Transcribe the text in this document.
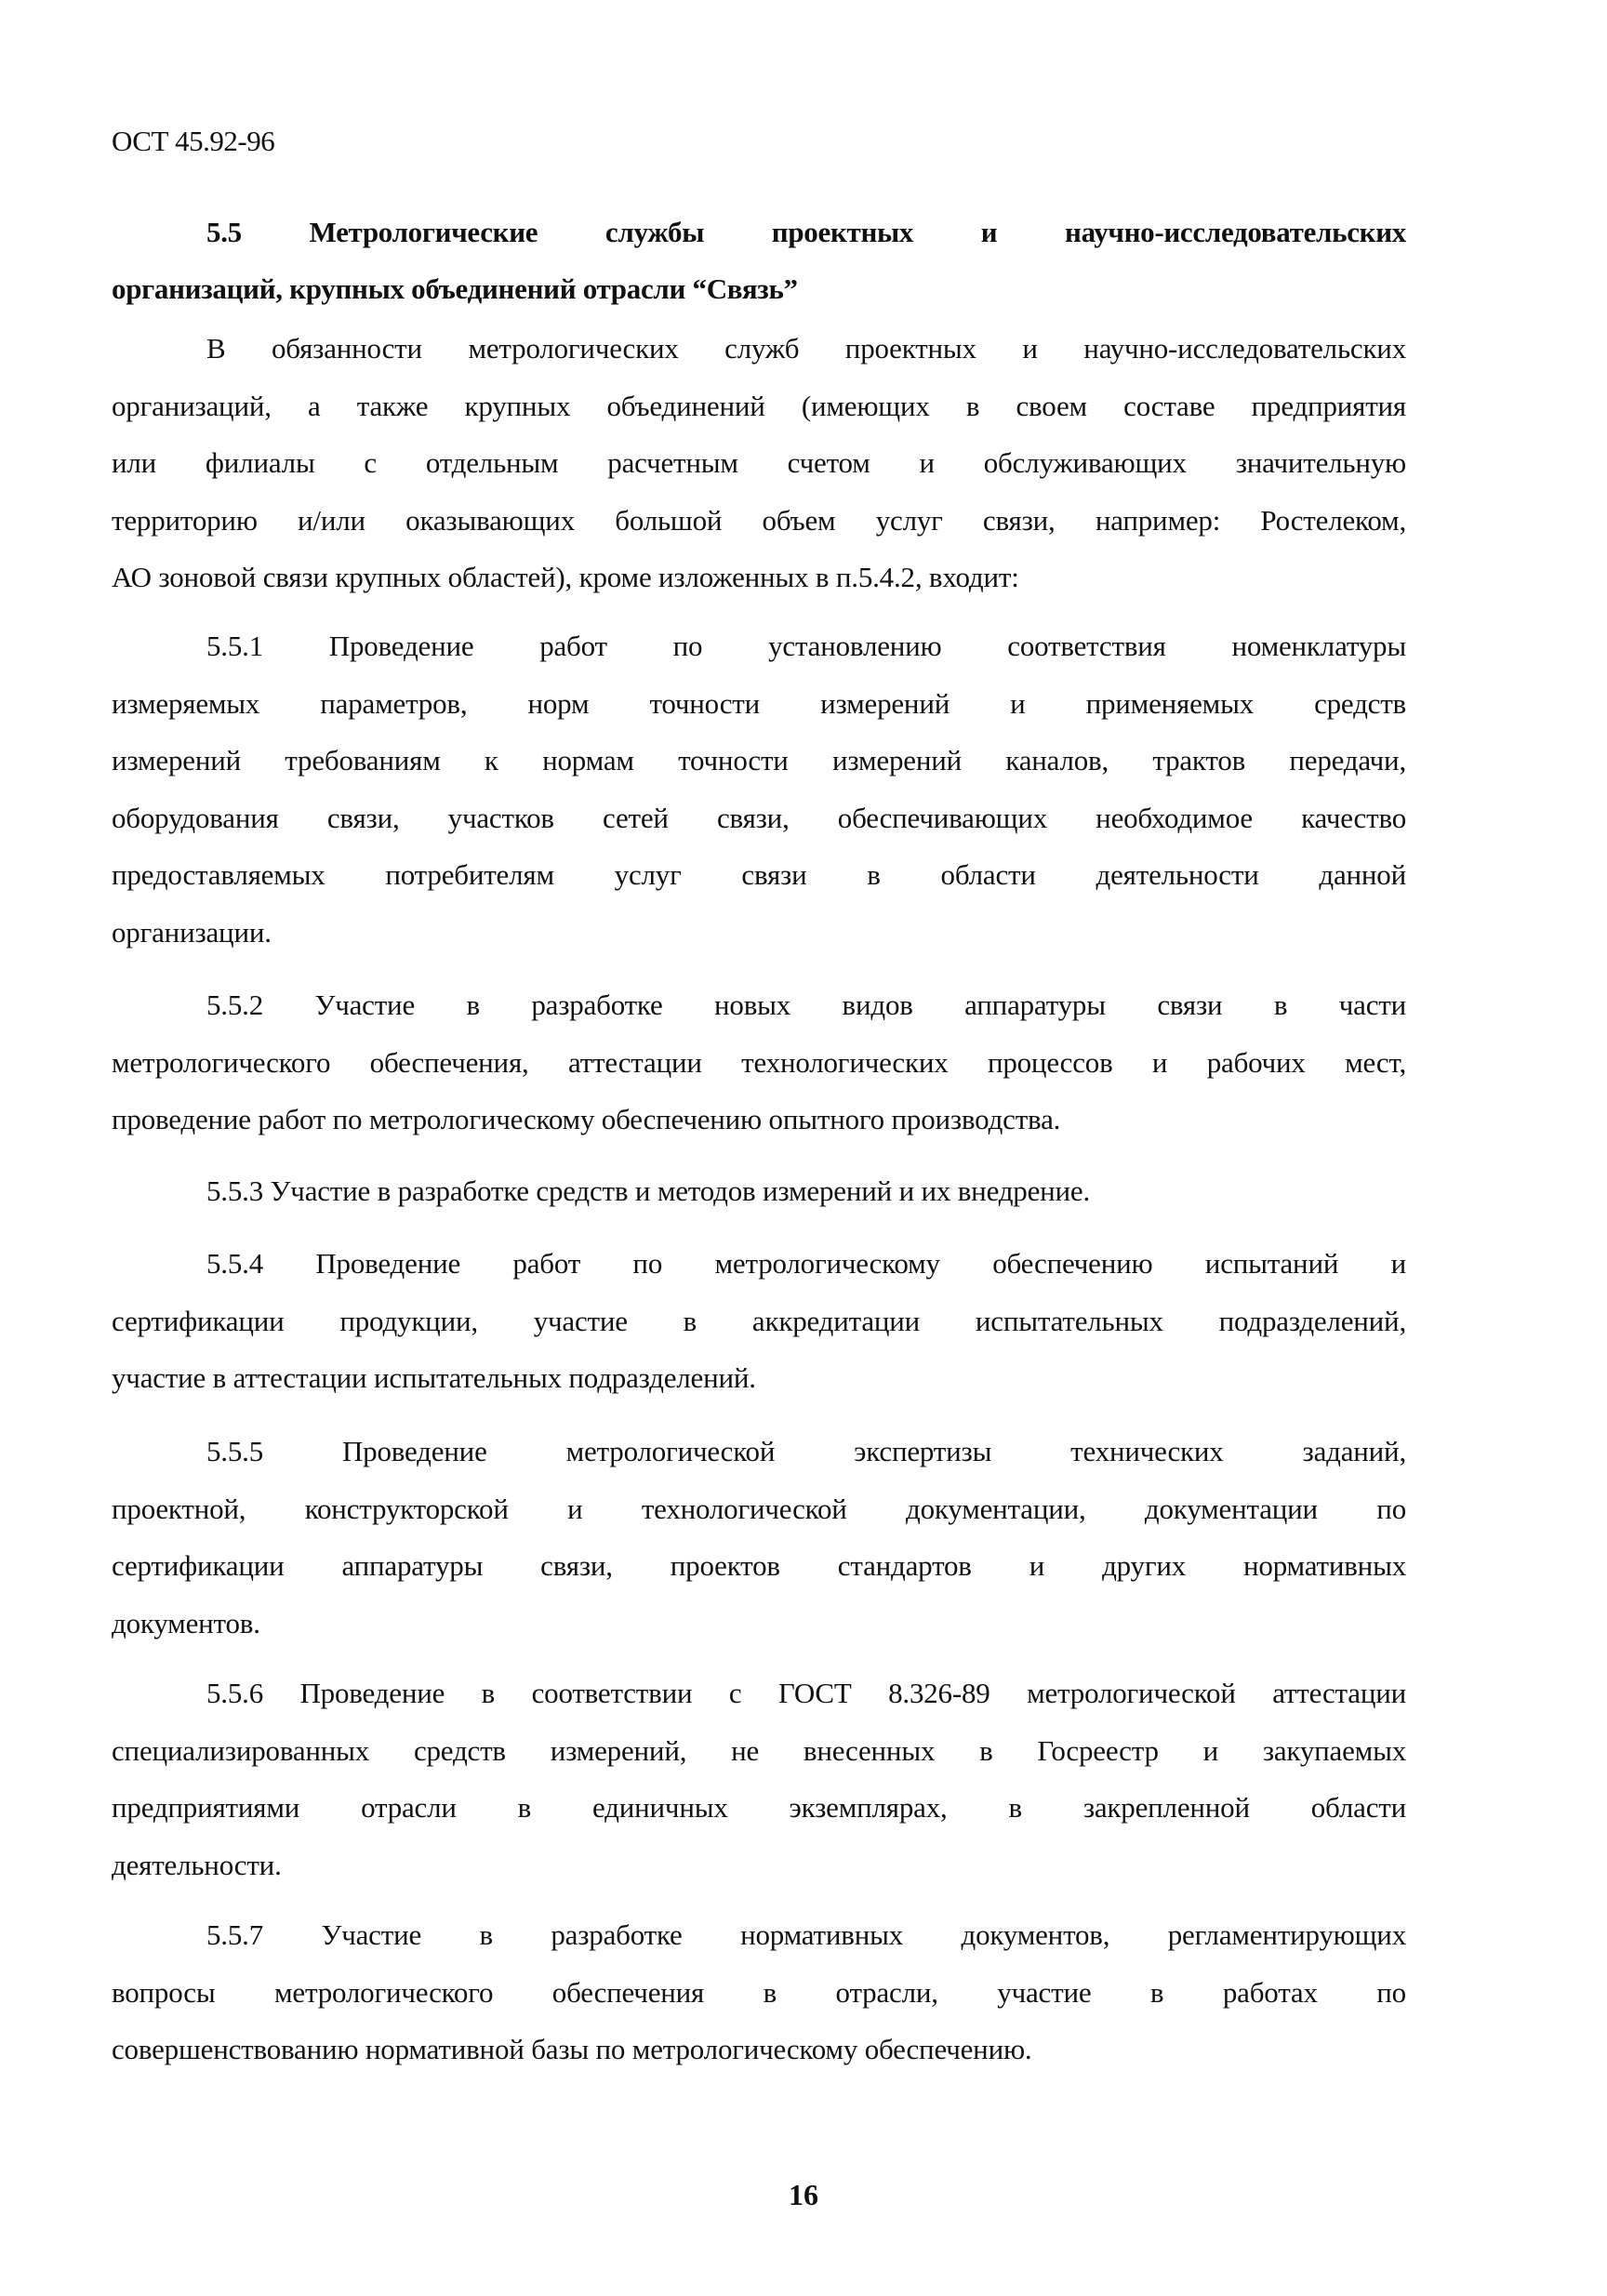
ОСТ 45.92-96
5.5 Метрологические службы проектных и научно-исследовательских
организаций, крупных объединений отрасли “Связь”
В обязанности метрологических служб проектных и научно-исследовательских
организаций, а также крупных объединений (имеющих в своем составе предприятия
или филиалы с отдельным расчетным счетом и обслуживающих значительную
территорию и/или оказывающих большой объем услуг связи, например: Ростелеком,
АО зоновой связи крупных областей), кроме изложенных в п.5.4.2, входит:
5.5.1 Проведение работ по установлению соответствия номенклатуры
измеряемых параметров, норм точности измерений и применяемых средств
измерений требованиям к нормам точности измерений каналов, трактов передачи,
оборудования связи, участков сетей связи, обеспечивающих необходимое качество
предоставляемых потребителям услуг связи в области деятельности данной
организации.
5.5.2 Участие в разработке новых видов аппаратуры связи в части
метрологического обеспечения, аттестации технологических процессов и рабочих мест,
проведение работ по метрологическому обеспечению опытного производства.
5.5.3 Участие в разработке средств и методов измерений и их внедрение.
5.5.4 Проведение работ по метрологическому обеспечению испытаний и
сертификации продукции, участие в аккредитации испытательных подразделений,
участие в аттестации испытательных подразделений.
5.5.5 Проведение метрологической экспертизы технических заданий,
проектной, конструкторской и технологической документации, документации по
сертификации аппаратуры связи, проектов стандартов и других нормативных
документов.
5.5.6 Проведение в соответствии с ГОСТ 8.326-89 метрологической аттестации
специализированных средств измерений, не внесенных в Госреестр и закупаемых
предприятиями отрасли в единичных экземплярах, в закрепленной области
деятельности.
5.5.7 Участие в разработке нормативных документов, регламентирующих
вопросы метрологического обеспечения в отрасли, участие в работах по
совершенствованию нормативной базы по метрологическому обеспечению.
16
